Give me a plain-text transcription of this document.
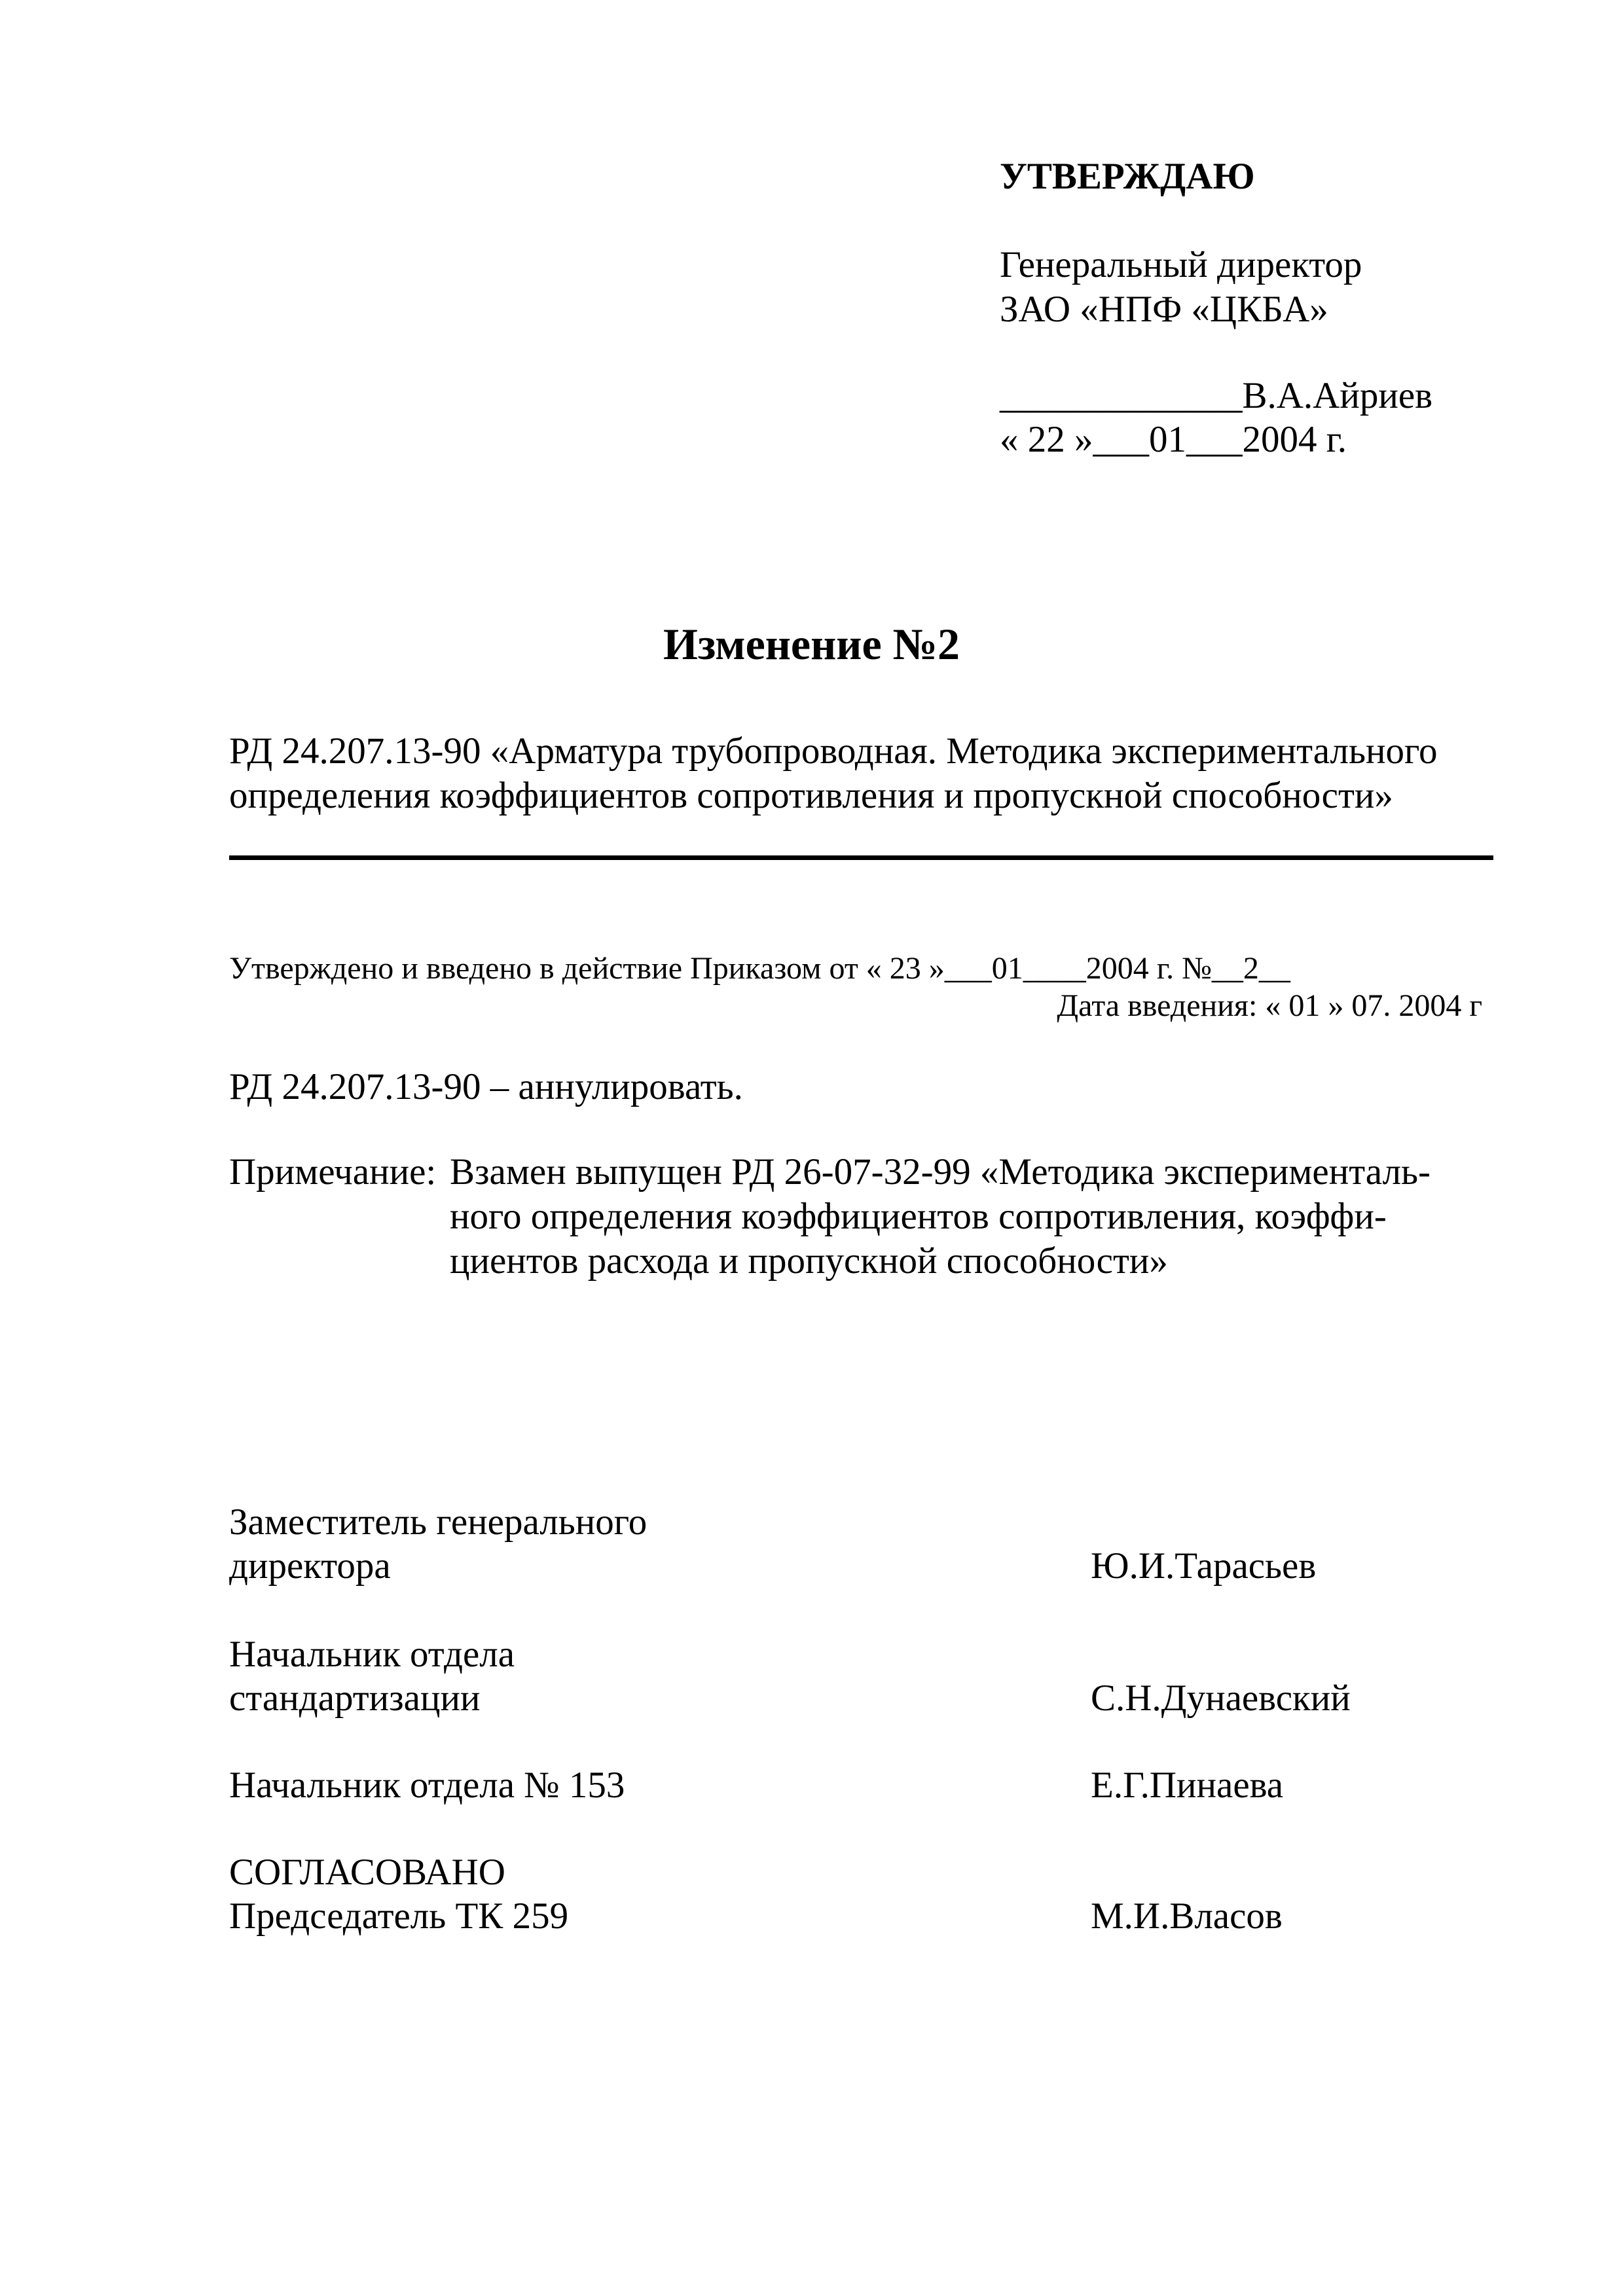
УТВЕРЖДАЮ
Генеральный директор
ЗАО «НПФ «ЦКБА»
_____________В.А.Айриев
« 22 »___01___2004 г.
Изменение №2
РД 24.207.13-90 «Арматура трубопроводная. Методика экспериментального
определения коэффициентов сопротивления и пропускной способности»
Утверждено и введено в действие Приказом от « 23 »___01____2004 г. №__2__
Дата введения: « 01 » 07. 2004 г
РД 24.207.13-90 – аннулировать.
Примечание: Взамен выпущен РД 26-07-32-99 «Методика эксперименталь-
ного определения коэффициентов сопротивления, коэффи-
циентов расхода и пропускной способности»
Заместитель генерального
директора	Ю.И.Тарасьев
Начальник отдела
стандартизации	С.Н.Дунаевский
Начальник отдела № 153	Е.Г.Пинаева
СОГЛАСОВАНО
Председатель ТК 259	М.И.Власов
